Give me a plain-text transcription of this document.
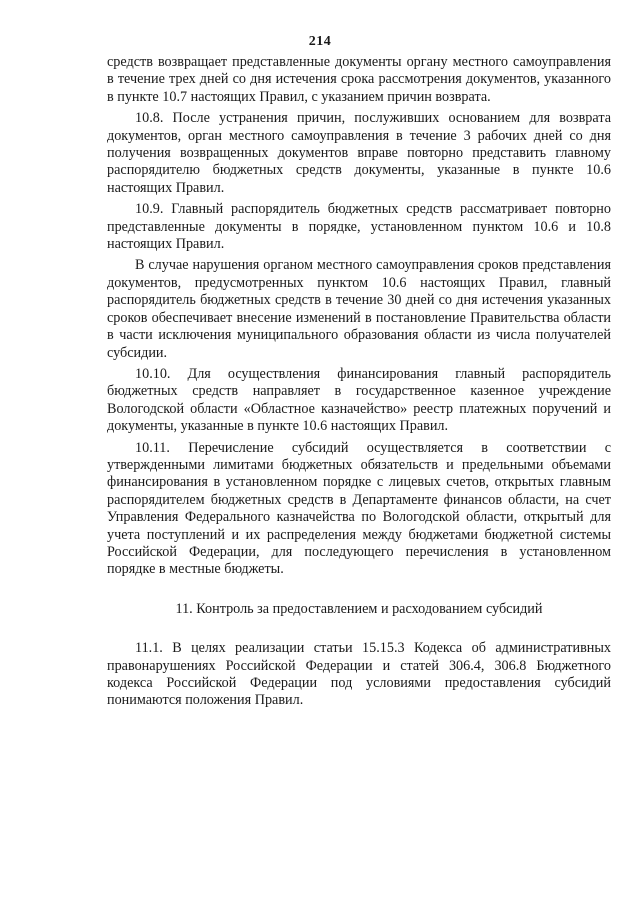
214

средств возвращает представленные документы органу местного самоуправления в течение трех дней со дня истечения срока рассмотрения документов, указанного в пункте 10.7 настоящих Правил, с указанием причин возврата.

10.8. После устранения причин, послуживших основанием для возврата документов, орган местного самоуправления в течение 3 рабочих дней со дня получения возвращенных документов вправе повторно представить главному распорядителю бюджетных средств документы, указанные в пункте 10.6 настоящих Правил.

10.9. Главный распорядитель бюджетных средств рассматривает повторно представленные документы в порядке, установленном пунктом 10.6 и 10.8 настоящих Правил.

В случае нарушения органом местного самоуправления сроков представления документов, предусмотренных пунктом 10.6 настоящих Правил, главный распорядитель бюджетных средств в течение 30 дней со дня истечения указанных сроков обеспечивает внесение изменений в постановление Правительства области в части исключения муниципального образования области из числа получателей субсидии.

10.10. Для осуществления финансирования главный распорядитель бюджетных средств направляет в государственное казенное учреждение Вологодской области «Областное казначейство» реестр платежных поручений и документы, указанные в пункте 10.6 настоящих Правил.

10.11. Перечисление субсидий осуществляется в соответствии с утвержденными лимитами бюджетных обязательств и предельными объемами финансирования в установленном порядке с лицевых счетов, открытых главным распорядителем бюджетных средств в Департаменте финансов области, на счет Управления Федерального казначейства по Вологодской области, открытый для учета поступлений и их распределения между бюджетами бюджетной системы Российской Федерации, для последующего перечисления в установленном порядке в местные бюджеты.

11. Контроль за предоставлением и расходованием субсидий

11.1. В целях реализации статьи 15.15.3 Кодекса об административных правонарушениях Российской Федерации и статей 306.4, 306.8 Бюджетного кодекса Российской Федерации под условиями предоставления субсидий понимаются положения Правил.
